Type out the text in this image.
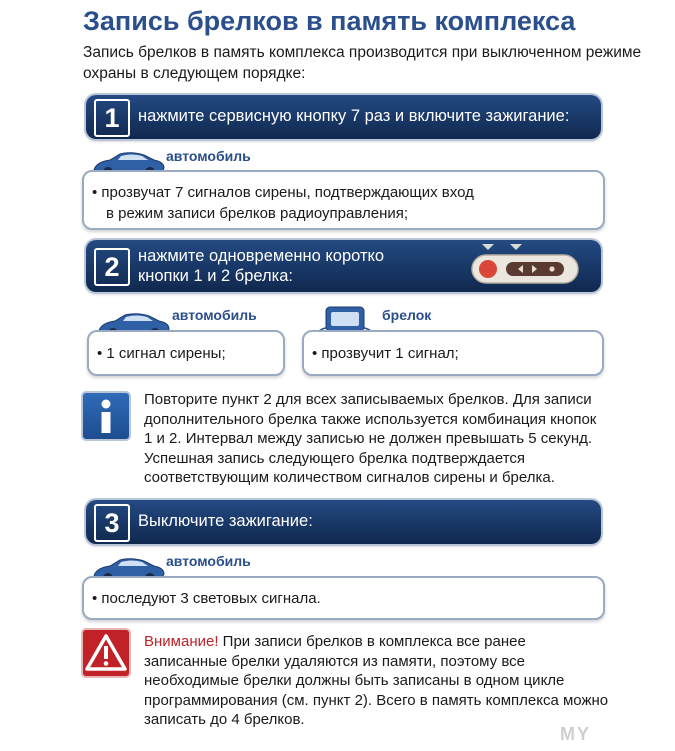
Запись брелков в память комплекса
Запись брелков в память комплекса производится при выключенном режиме охраны в следующем порядке:
1	нажмите сервисную кнопку 7 раз и включите зажигание:
автомобиль
• прозвучат 7 сигналов сирены, подтверждающих вход
в режим записи брелков радиоуправления;
2	нажмите одновременно коротко
кнопки 1 и 2 брелка:
автомобиль
• 1 сигнал сирены;
брелок
• прозвучит 1 сигнал;
Повторите пункт 2 для всех записываемых брелков. Для записи дополнительного брелка также используется комбинация кнопок 1 и 2. Интервал между записью не должен превышать 5 секунд. Успешная запись следующего брелка подтверждается соответствующим количеством сигналов сирены и брелка.
3	Выключите зажигание:
автомобиль
• последуют 3 световых сигнала.
Внимание! При записи брелков в комплекса все ранее записанные брелки удаляются из памяти, поэтому все необходимые брелки должны быть записаны в одном цикле программирования (см. пункт 2). Всего в память комплекса можно записать до 4 брелков.
MY
